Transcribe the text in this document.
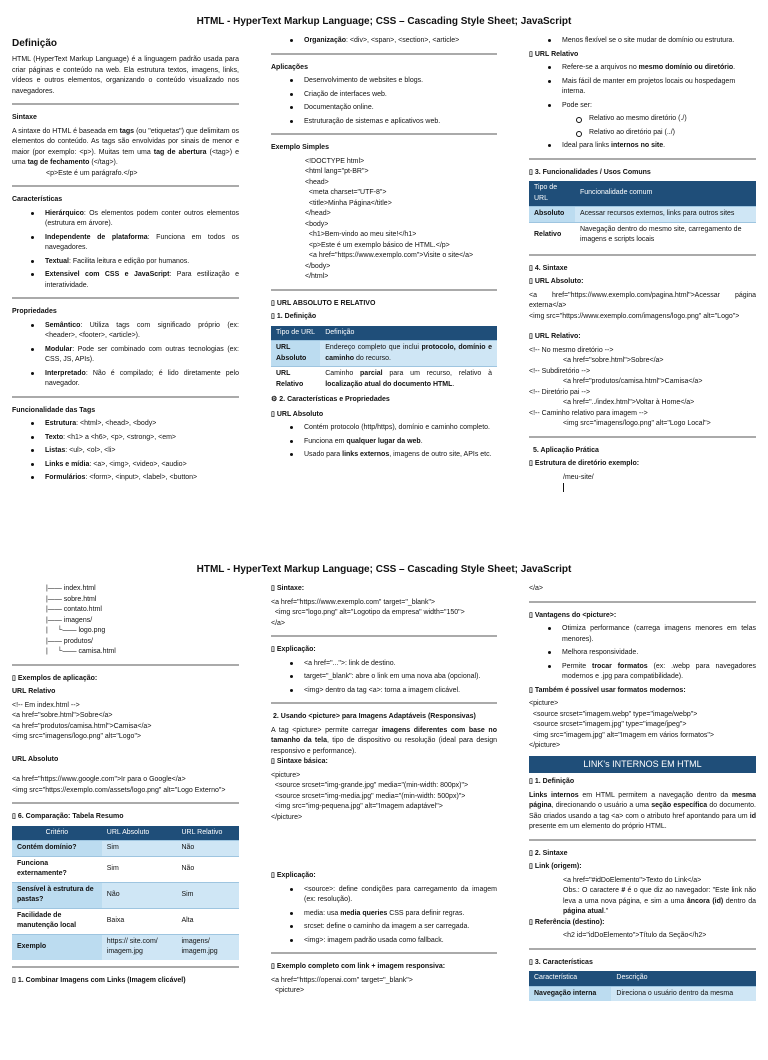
HTML - HyperText Markup Language; CSS – Cascading Style Sheet; JavaScript
Definição
HTML (HyperText Markup Language) é a linguagem padrão usada para criar páginas e conteúdo na web. Ela estrutura textos, imagens, links, vídeos e outros elementos, organizando o conteúdo visualizado nos navegadores.
Sintaxe
A sintaxe do HTML é baseada em tags (ou "etiquetas") que delimitam os elementos do conteúdo. As tags são envolvidas por sinais de menor e maior (por exemplo: <p>). Muitas tem uma tag de abertura (<tag>) e uma tag de fechamento (</tag>).
<p>Este é um parágrafo.</p>
Características
Hierárquico: Os elementos podem conter outros elementos (estrutura em árvore).
Independente de plataforma: Funciona em todos os navegadores.
Textual: Facilita leitura e edição por humanos.
Extensivel com CSS e JavaScript: Para estilização e interatividade.
Propriedades
Semântico: Utiliza tags com significado próprio (ex: <header>, <footer>, <article>).
Modular: Pode ser combinado com outras tecnologias (ex: CSS, JS, APIs).
Interpretado: Não é compilado; é lido diretamente pelo navegador.
Funcionalidade das Tags
Estrutura: <html>, <head>, <body>
Texto: <h1> a <h6>, <p>, <strong>, <em>
Listas: <ul>, <ol>, <li>
Links e mídia: <a>, <img>, <video>, <audio>
Formulários: <form>, <input>, <label>, <button>
Organização: <div>, <span>, <section>, <article>
Aplicações
Desenvolvimento de websites e blogs.
Criação de interfaces web.
Documentação online.
Estruturação de sistemas e aplicativos web.
Exemplo Simples
<!DOCTYPE html>
<html lang="pt-BR">
<head>
<meta charset="UTF-8">
<title>Minha Página</title>
</head>
<body>
<h1>Bem-vindo ao meu site!</h1>
<p>Este é um exemplo básico de HTML.</p>
<a href="https://www.exemplo.com">Visite o site</a>
</body>
</html>
▯ URL ABSOLUTO E RELATIVO
▯ 1. Definição
Tipo de URL	Definição
URL Absoluto	Endereço completo que inclui protocolo, domínio e caminho do recurso.
URL Relativo	Caminho parcial para um recurso, relativo à localização atual do documento HTML.
⚙ 2. Características e Propriedades
▯ URL Absoluto
Contém protocolo (http/https), domínio e caminho completo.
Funciona em qualquer lugar da web.
Usado para links externos, imagens de outro site, APIs etc.
Menos flexível se o site mudar de domínio ou estrutura.
▯ URL Relativo
Refere-se a arquivos no mesmo domínio ou diretório.
Mais fácil de manter em projetos locais ou hospedagem interna.
Pode ser:
Relativo ao mesmo diretório (./)
Relativo ao diretório pai (../)
Ideal para links internos no site.
▯ 3. Funcionalidades / Usos Comuns
Tipo de URL	Funcionalidade comum
Absoluto	Acessar recursos externos, links para outros sites
Relativo	Navegação dentro do mesmo site, carregamento de imagens e scripts locais
▯ 4. Sintaxe
▯ URL Absoluto:
<a href="https://www.exemplo.com/pagina.html">Acessar página externa</a>
<img src="https://www.exemplo.com/imagens/logo.png" alt="Logo">
▯ URL Relativo:
<!-- No mesmo diretório -->
<a href="sobre.html">Sobre</a>
<!-- Subdiretório -->
<a href="produtos/camisa.html">Camisa</a>
<!-- Diretório pai -->
<a href="../index.html">Voltar à Home</a>
<!-- Caminho relativo para imagem -->
<img src="imagens/logo.png" alt="Logo Local">
5. Aplicação Prática
▯ Estrutura de diretório exemplo:
/meu-site/
HTML - HyperText Markup Language; CSS – Cascading Style Sheet; JavaScript
|—— index.html
|—— sobre.html
|—— contato.html
|—— imagens/
|     └—— logo.png
|—— produtos/
|     └—— camisa.html
▯ Exemplos de aplicação:
URL Relativo
<!-- Em index.html -->
<a href="sobre.html">Sobre</a>
<a href="produtos/camisa.html">Camisa</a>
<img src="imagens/logo.png" alt="Logo">
URL Absoluto
<a href="https://www.google.com">Ir para o Google</a>
<img src="https://exemplo.com/assets/logo.png" alt="Logo Externo">
▯ 6. Comparação: Tabela Resumo
Critério	URL Absoluto	URL Relativo
Contém domínio?	Sim	Não
Funciona externamente?	Sim	Não
Sensível à estrutura de pastas?	Não	Sim
Facilidade de manutenção local	Baixa	Alta
Exemplo	https:// site.com/ imagem.jpg	imagens/ imagem.jpg
▯ 1. Combinar Imagens com Links (Imagem clicável)
▯ Sintaxe:
<a href="https://www.exemplo.com" target="_blank">
<img src="logo.png" alt="Logotipo da empresa" width="150">
</a>
▯ Explicação:
<a href="...">: link de destino.
target="_blank": abre o link em uma nova aba (opcional).
<img> dentro da tag <a>: torna a imagem clicável.
2. Usando <picture> para Imagens Adaptáveis (Responsivas)
A tag <picture> permite carregar imagens diferentes com base no tamanho da tela, tipo de dispositivo ou resolução (ideal para design responsivo e performance).
▯ Sintaxe básica:
<picture>
<source srcset="img-grande.jpg" media="(min-width: 800px)">
<source srcset="img-media.jpg" media="(min-width: 500px)">
<img src="img-pequena.jpg" alt="Imagem adaptável">
</picture>
▯ Explicação:
<source>: define condições para carregamento da imagem (ex: resolução).
media: usa media queries CSS para definir regras.
srcset: define o caminho da imagem a ser carregada.
<img>: imagem padrão usada como fallback.
▯ Exemplo completo com link + imagem responsiva:
<a href="https://openai.com" target="_blank">
<picture>
</a>
▯ Vantagens do <picture>:
Otimiza performance (carrega imagens menores em telas menores).
Melhora responsividade.
Permite trocar formatos (ex: .webp para navegadores modernos e .jpg para compatibilidade).
▯ Também é possível usar formatos modernos:
<picture>
<source srcset="imagem.webp" type="image/webp">
<source srcset="imagem.jpg" type="image/jpeg">
<img src="imagem.jpg" alt="Imagem em vários formatos">
</picture>
LINK's INTERNOS EM HTML
▯ 1. Definição
Links internos em HTML permitem a navegação dentro da mesma página, direcionando o usuário a uma seção específica do documento. São criados usando a tag <a> com o atributo href apontando para um id presente em um elemento do próprio HTML.
▯ 2. Sintaxe
▯ Link (origem):
<a href="#idDoElemento">Texto do Link</a>
Obs.: O caractere # é o que diz ao navegador: "Este link não leva a uma nova página, e sim a uma âncora (id) dentro da página atual."
▯ Referência (destino):
<h2 id="idDoElemento">Título da Seção</h2>
▯ 3. Características
Característica	Descrição
Navegação interna	Direciona o usuário dentro da mesma
